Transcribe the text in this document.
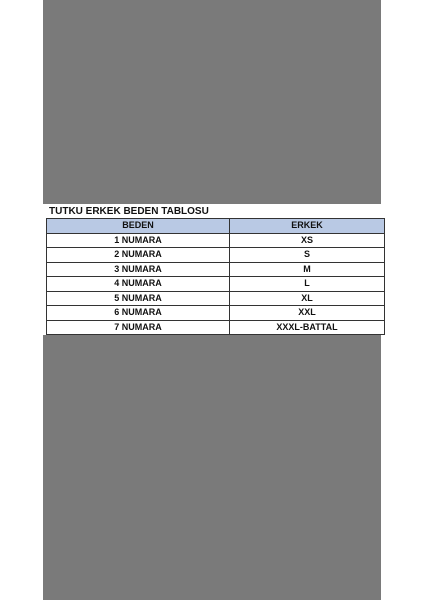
TUTKU ERKEK BEDEN TABLOSU
BEDEN	ERKEK
1 NUMARA	XS
2 NUMARA	S
3 NUMARA	M
4 NUMARA	L
5 NUMARA	XL
6 NUMARA	XXL
7 NUMARA	XXXL-BATTAL
